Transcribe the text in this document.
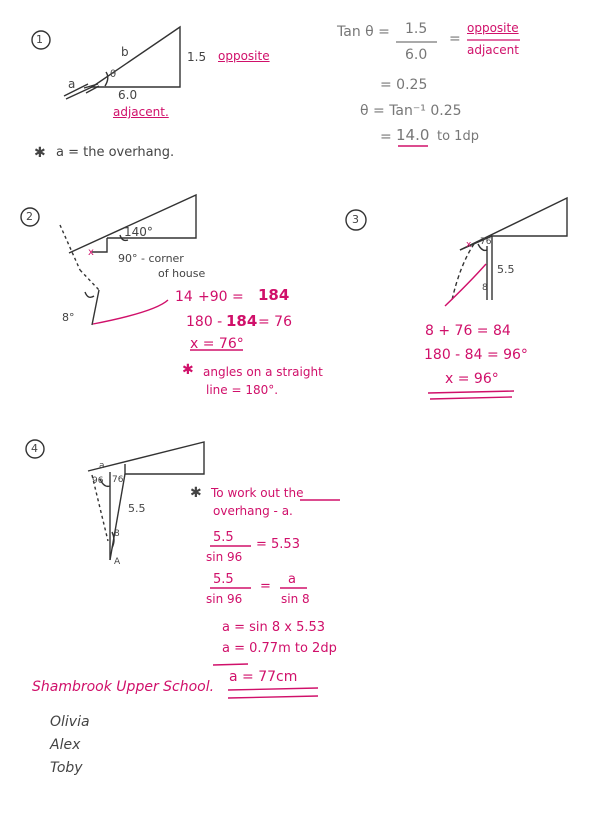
1
b
a
θ
1.5
6.0
opposite
adjacent.
✱ a = the overhang.
Tan θ = 1.5
6.0
=
opposite
adjacent
= 0.25
θ = Tan⁻¹ 0.25
= 14.0 to 1dp
2
140°
90° - corner
of house
x
8°
14 +90 = 184
180 - 184 = 76
x = 76°
✱ angles on a straight
line = 180°.
3
x 76
8
5.5
8 + 76 = 84
180 - 84 = 96°
x = 96°
4
a
96 76
8
5.5
A
✱ To work out the
overhang - a.
5.5
sin 96
= 5.53
5.5
sin 96
= a
sin 8
a = sin 8 x 5.53
a = 0.77m to 2dp
a = 77cm
Shambrook Upper School.
Olivia
Alex
Toby
